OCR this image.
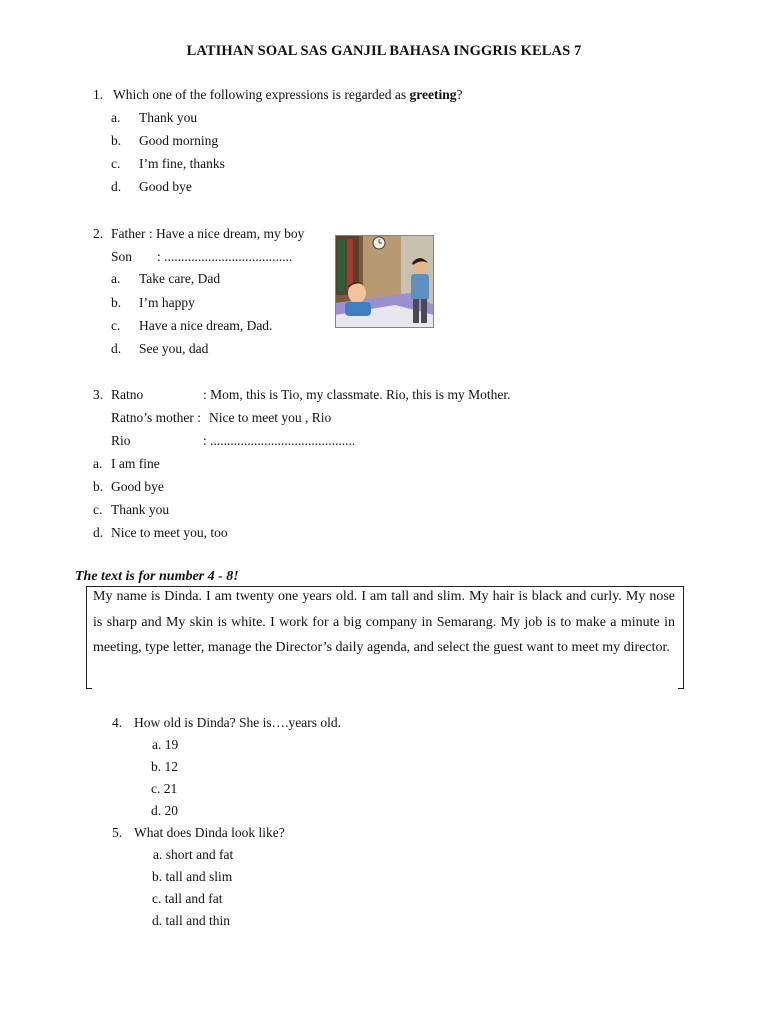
LATIHAN SOAL SAS GANJIL BAHASA INGGRIS KELAS 7
1. Which one of the following expressions is regarded as greeting?
a. Thank you
b. Good morning
c. I’m fine, thanks
d. Good bye
2. Father : Have a nice dream, my boy
Son : ......................................
a. Take care, Dad
b. I’m happy
c. Have a nice dream, Dad.
d. See you, dad
3. Ratno	: Mom, this is Tio, my classmate. Rio, this is my Mother.
Ratno’s mother : Nice to meet you , Rio
Rio	: ...........................................
a. I am fine
b. Good bye
c. Thank you
d. Nice to meet you, too
The text is for number 4 - 8!
My name is Dinda. I am twenty one years old. I am tall and slim. My hair is black and curly. My nose is sharp and My skin is white. I work for a big company in Semarang. My job is to make a minute in meeting, type letter, manage the Director’s daily agenda, and select the guest want to meet my director.
4. How old is Dinda? She is….years old.
a. 19
b. 12
c. 21
d. 20
5. What does Dinda look like?
a. short and fat
b. tall and slim
c. tall and fat
d. tall and thin
